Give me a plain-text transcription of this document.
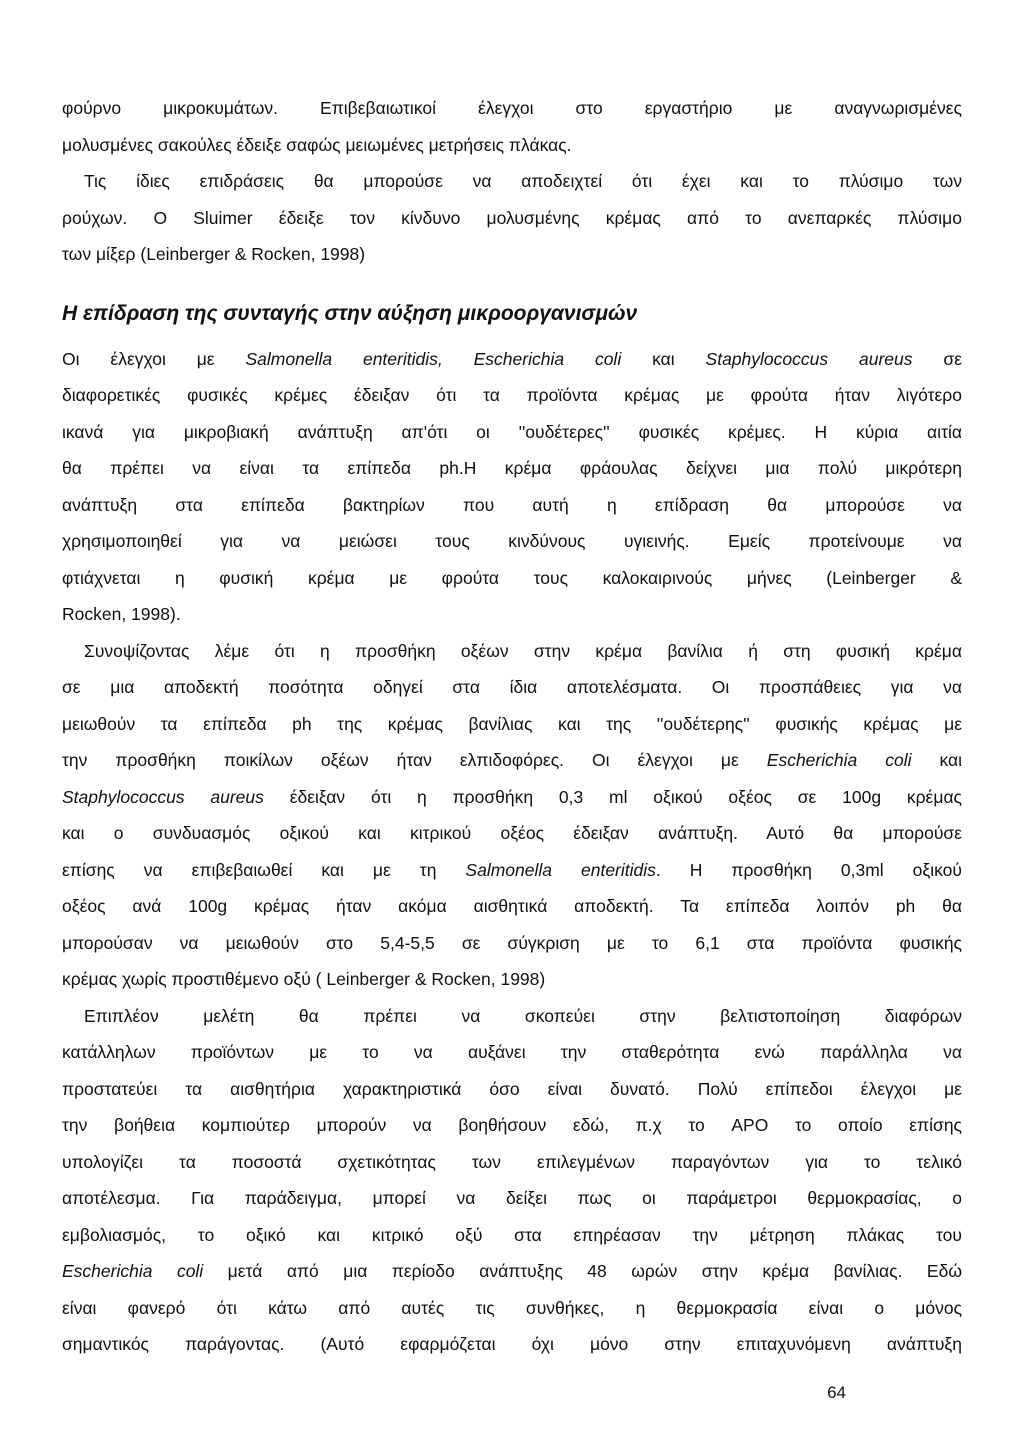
φούρνο μικροκυμάτων. Επιβεβαιωτικοί έλεγχοι στο εργαστήριο με αναγνωρισμένες
μολυσμένες σακούλες έδειξε σαφώς μειωμένες μετρήσεις πλάκας.
Τις ίδιες επιδράσεις θα μπορούσε να αποδειχτεί ότι έχει και το πλύσιμο των
ρούχων. Ο Sluimer έδειξε τον κίνδυνο μολυσμένης κρέμας από το ανεπαρκές πλύσιμο
των μίξερ (Leinberger & Rocken, 1998)
Η επίδραση της συνταγής στην αύξηση μικροοργανισμών
Οι έλεγχοι με Salmonella enteritidis, Escherichia coli και Staphylococcus aureus σε
διαφορετικές φυσικές κρέμες έδειξαν ότι τα προϊόντα κρέμας με φρούτα ήταν λιγότερο
ικανά για μικροβιακή ανάπτυξη απ'ότι οι ''ουδέτερες'' φυσικές κρέμες. Η κύρια αιτία
θα πρέπει να είναι τα επίπεδα ph.Η κρέμα φράουλας δείχνει μια πολύ μικρότερη
ανάπτυξη στα επίπεδα βακτηρίων που αυτή η επίδραση θα μπορούσε να
χρησιμοποιηθεί για να μειώσει τους κινδύνους υγιεινής. Εμείς προτείνουμε να
φτιάχνεται η φυσική κρέμα με φρούτα τους καλοκαιρινούς μήνες (Leinberger &
Rocken, 1998).
Συνοψίζοντας λέμε ότι η προσθήκη οξέων στην κρέμα βανίλια ή στη φυσική κρέμα
σε μια αποδεκτή ποσότητα οδηγεί στα ίδια αποτελέσματα. Οι προσπάθειες για να
μειωθούν τα επίπεδα ph της κρέμας βανίλιας και της ''ουδέτερης'' φυσικής κρέμας με
την προσθήκη ποικίλων οξέων ήταν ελπιδοφόρες. Οι έλεγχοι με Escherichia coli και
Staphylococcus aureus έδειξαν ότι η προσθήκη 0,3 ml οξικού οξέος σε 100g κρέμας
και ο συνδυασμός οξικού και κιτρικού οξέος έδειξαν ανάπτυξη. Αυτό θα μπορούσε
επίσης να επιβεβαιωθεί και με τη Salmonella enteritidis. Η προσθήκη 0,3ml οξικού
οξέος ανά 100g κρέμας ήταν ακόμα αισθητικά αποδεκτή. Τα επίπεδα λοιπόν ph θα
μπορούσαν να μειωθούν στο 5,4-5,5 σε σύγκριση με το 6,1 στα προϊόντα φυσικής
κρέμας χωρίς προστιθέμενο οξύ ( Leinberger & Rocken, 1998)
Επιπλέον μελέτη θα πρέπει να σκοπεύει στην βελτιστοποίηση διαφόρων
κατάλληλων προϊόντων με το να αυξάνει την σταθερότητα ενώ παράλληλα να
προστατεύει τα αισθητήρια χαρακτηριστικά όσο είναι δυνατό. Πολύ επίπεδοι έλεγχοι με
την βοήθεια κομπιούτερ μπορούν να βοηθήσουν εδώ, π.χ το APO το οποίο επίσης
υπολογίζει τα ποσοστά σχετικότητας των επιλεγμένων παραγόντων για το τελικό
αποτέλεσμα. Για παράδειγμα, μπορεί να δείξει πως οι παράμετροι θερμοκρασίας, ο
εμβολιασμός, το οξικό και κιτρικό οξύ στα επηρέασαν την μέτρηση πλάκας του
Escherichia coli μετά από μια περίοδο ανάπτυξης 48 ωρών στην κρέμα βανίλιας. Εδώ
είναι φανερό ότι κάτω από αυτές τις συνθήκες, η θερμοκρασία είναι ο μόνος
σημαντικός παράγοντας. (Αυτό εφαρμόζεται όχι μόνο στην επιταχυνόμενη ανάπτυξη
64
